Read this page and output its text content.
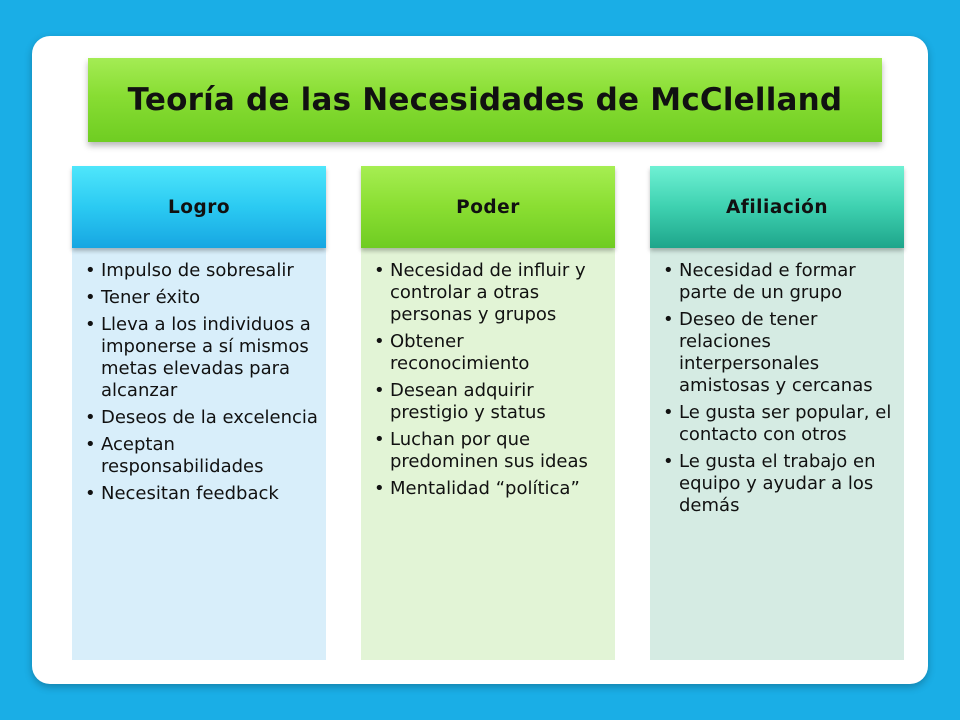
Teoría de las Necesidades de McClelland
Logro
• Impulso de sobresalir
• Tener éxito
• Lleva a los individuos a imponerse a sí mismos metas elevadas para alcanzar
• Deseos de la excelencia
• Aceptan responsabilidades
• Necesitan feedback
Poder
• Necesidad de influir y controlar a otras personas y grupos
• Obtener reconocimiento
• Desean adquirir prestigio y status
• Luchan por que predominen sus ideas
• Mentalidad “política”
Afiliación
• Necesidad e formar parte de un grupo
• Deseo de tener relaciones interpersonales amistosas y cercanas
• Le gusta ser popular, el contacto con otros
• Le gusta el trabajo en equipo y ayudar a los demás
